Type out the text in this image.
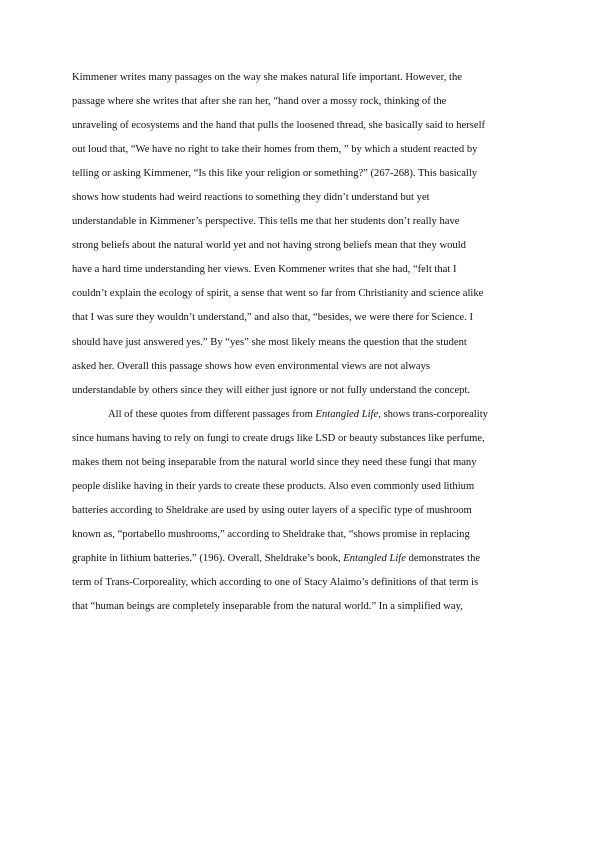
Kimmener writes many passages on the way she makes natural life important. However, the
passage where she writes that after she ran her, “hand over a mossy rock, thinking of the
unraveling of ecosystems and the hand that pulls the loosened thread, she basically said to herself
out loud that, “We have no right to take their homes from them, ” by which a student reacted by
telling or asking Kimmener, “Is this like your religion or something?” (267-268). This basically
shows how students had weird reactions to something they didn’t understand but yet
understandable in Kimmener’s perspective. This tells me that her students don’t really have
strong beliefs about the natural world yet and not having strong beliefs mean that they would
have a hard time understanding her views. Even Kommener writes that she had, “felt that I
couldn’t explain the ecology of spirit, a sense that went so far from Christianity and science alike
that I was sure they wouldn’t understand,” and also that, “besides, we were there for Science. I
should have just answered yes.” By “yes” she most likely means the question that the student
asked her. Overall this passage shows how even environmental views are not always
understandable by others since they will either just ignore or not fully understand the concept.
All of these quotes from different passages from Entangled Life, shows trans-corporeality
since humans having to rely on fungi to create drugs like LSD or beauty substances like perfume,
makes them not being inseparable from the natural world since they need these fungi that many
people dislike having in their yards to create these products. Also even commonly used lithium
batteries according to Sheldrake are used by using outer layers of a specific type of mushroom
known as, “portabello mushrooms,” according to Sheldrake that, “shows promise in replacing
graphite in lithium batteries.” (196). Overall, Sheldrake’s book, Entangled Life demonstrates the
term of Trans-Corporeality, which according to one of Stacy Alaimo’s definitions of that term is
that “human beings are completely inseparable from the natural world.” In a simplified way,
